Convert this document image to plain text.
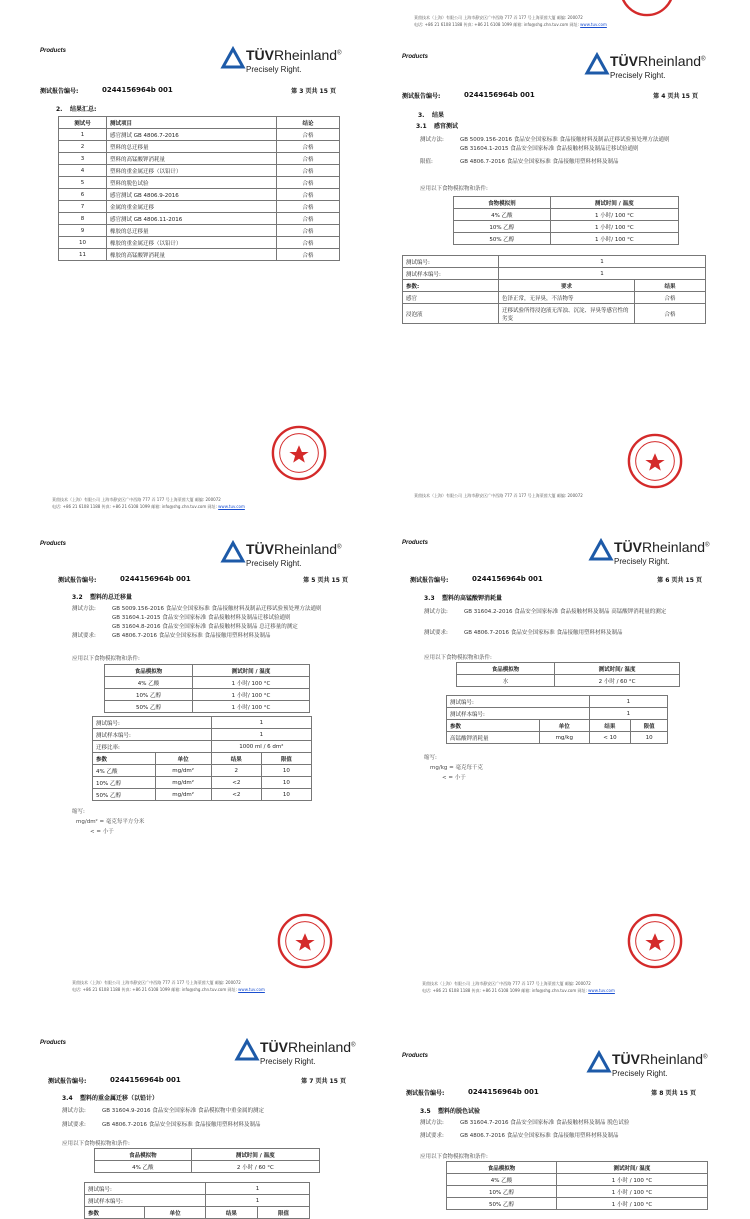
Products	TÜVRheinland®
Precisely Right.
测试报告编号:	0244156964b 001	第 3 页共 15 页
2. 结果汇总:
测试号	测试项目	结论
1	感官测试 GB 4806.7-2016	合格
2	塑料的总迁移量	合格
3	塑料的高锰酸钾消耗量	合格
4	塑料的重金属迁移（以铅计）	合格
5	塑料的脱色试验	合格
6	感官测试 GB 4806.9-2016	合格
7	金属的重金属迁移	合格
8	感官测试 GB 4806.11-2016	合格
9	橡胶的总迁移量	合格
10	橡胶的重金属迁移（以铅计）	合格
11	橡胶的高锰酸钾消耗量	合格
莱茵技术（上海）有限公司 上海市静安区广中西路 777 弄 177 号上海莱茵大厦 邮编: 200072
电话: +86 21 6108 1188 传真: +86 21 6108 1099 邮箱: info@shg.chn.tuv.com 网址: www.tuv.com
Products	TÜVRheinland®
Precisely Right.
测试报告编号:	0244156964b 001	第 4 页共 15 页
3. 结果
3.1 感官测试
测试方法:	GB 5009.156-2016 食品安全国家标准 食品接触材料及制品迁移试验预处理方法通则
GB 31604.1-2015 食品安全国家标准 食品接触材料及制品迁移试验通则
限值:	GB 4806.7-2016 食品安全国家标准 食品接触用塑料材料及制品
应用以下食物模拟物和条件:
食物模拟剂	测试时间 / 温度
4% 乙酸	1 小时/ 100 °C
10% 乙醇	1 小时/ 100 °C
50% 乙醇	1 小时/ 100 °C
测试编号:	1	
测试样本编号:	1	
参数:	要求	结果
感官	色泽正常，无异臭，不洁物等	合格
浸泡液	迁移试验所得浸泡液无浑浊、沉淀、异臭等感官性的劣变	合格
莱茵技术（上海）有限公司 上海市静安区广中西路 777 弄 177 号上海莱茵大厦 邮编: 200072
莱茵技术（上海）有限公司 上海市静安区广中西路 777 弄 177 号上海莱茵大厦 邮编: 200072
电话: +86 21 6108 1188 传真: +86 21 6108 1099 邮箱: info@shg.chn.tuv.com 网址: www.tuv.com
Products	TÜVRheinland®
Precisely Right.
测试报告编号:	0244156964b 001	第 5 页共 15 页
3.2 塑料的总迁移量
测试方法:	GB 5009.156-2016 食品安全国家标准 食品接触材料及制品迁移试验预处理方法通则
GB 31604.1-2015 食品安全国家标准 食品接触材料及制品迁移试验通则
GB 31604.8-2016 食品安全国家标准 食品接触材料及制品 总迁移量的测定
测试要求:	GB 4806.7-2016 食品安全国家标准 食品接触用塑料材料及制品
应用以下食物模拟物和条件:
食品模拟物	测试时间 / 温度
4% 乙酸	1 小时/ 100 °C
10% 乙醇	1 小时/ 100 °C
50% 乙醇	1 小时/ 100 °C
测试编号:		1	
测试样本编号:		1	
迁移比率:		1000 ml / 6 dm²	
参数	单位	结果	限值
4% 乙酸	mg/dm²	2	10
10% 乙醇	mg/dm²	<2	10
50% 乙醇	mg/dm²	<2	10
缩写:
mg/dm² = 毫克每平方分米
< = 小于
莱茵技术（上海）有限公司 上海市静安区广中西路 777 弄 177 号上海莱茵大厦 邮编: 200072
电话: +86 21 6108 1188 传真: +86 21 6108 1099 邮箱: info@shg.chn.tuv.com 网址: www.tuv.com
Products	TÜVRheinland®
Precisely Right.
测试报告编号:	0244156964b 001	第 6 页共 15 页
3.3 塑料的高锰酸钾消耗量
测试方法:	GB 31604.2-2016 食品安全国家标准 食品接触材料及制品 高锰酸钾消耗量的测定
测试要求:	GB 4806.7-2016 食品安全国家标准 食品接触用塑料材料及制品
应用以下食物模拟物和条件:
食品模拟物	测试时间/ 温度
水	2 小时 / 60 °C
测试编号:		1	
测试样本编号:		1	
参数	单位	结果	限值
高锰酸钾消耗量	mg/kg	< 10	10
缩写:
mg/kg = 毫克每千克
< = 小于
莱茵技术（上海）有限公司 上海市静安区广中西路 777 弄 177 号上海莱茵大厦 邮编: 200072
电话: +86 21 6108 1188 传真: +86 21 6108 1099 邮箱: info@shg.chn.tuv.com 网址: www.tuv.com
Products	TÜVRheinland®
Precisely Right.
测试报告编号:	0244156964b 001	第 7 页共 15 页
3.4 塑料的重金属迁移（以铅计）
测试方法:	GB 31604.9-2016 食品安全国家标准 食品模拟物中重金属的测定
测试要求:	GB 4806.7-2016 食品安全国家标准 食品接触用塑料材料及制品
应用以下食物模拟物和条件:
食品模拟物	测试时间 / 温度
4% 乙酸	2 小时 / 60 °C
测试编号:		1	
测试样本编号:		1	
参数	单位	结果	限值
Products	TÜVRheinland®
Precisely Right.
测试报告编号:	0244156964b 001	第 8 页共 15 页
3.5 塑料的脱色试验
测试方法:	GB 31604.7-2016 食品安全国家标准 食品接触材料及制品 脱色试验
测试要求:	GB 4806.7-2016 食品安全国家标准 食品接触用塑料材料及制品
应用以下食物模拟物和条件:
食品模拟物	测试时间/ 温度
4% 乙酸	1 小时 / 100 °C
10% 乙醇	1 小时 / 100 °C
50% 乙醇	1 小时 / 100 °C
